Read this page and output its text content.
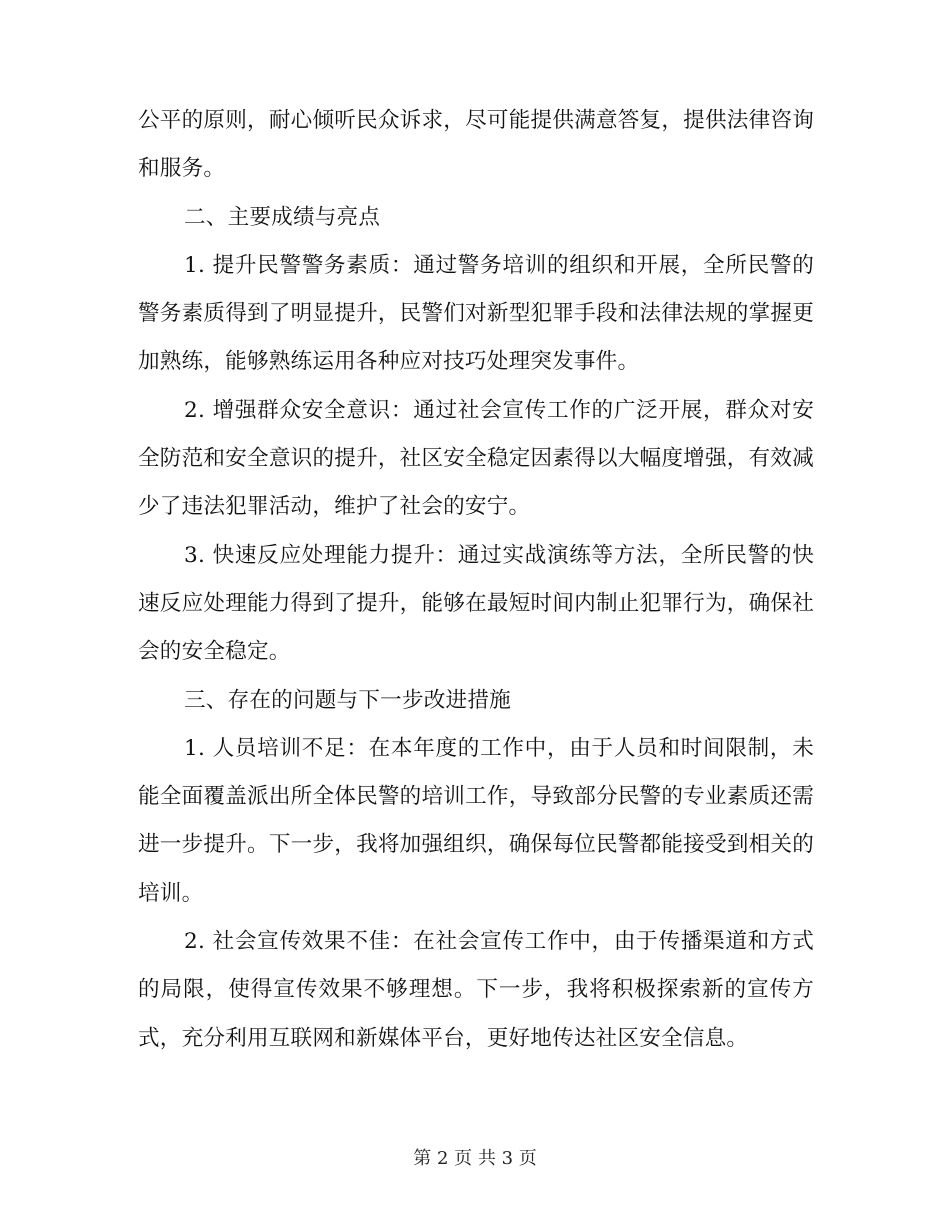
公平的原则，耐心倾听民众诉求，尽可能提供满意答复，提供法律咨询和服务。

二、主要成绩与亮点

1. 提升民警警务素质：通过警务培训的组织和开展，全所民警的警务素质得到了明显提升，民警们对新型犯罪手段和法律法规的掌握更加熟练，能够熟练运用各种应对技巧处理突发事件。

2. 增强群众安全意识：通过社会宣传工作的广泛开展，群众对安全防范和安全意识的提升，社区安全稳定因素得以大幅度增强，有效减少了违法犯罪活动，维护了社会的安宁。

3. 快速反应处理能力提升：通过实战演练等方法，全所民警的快速反应处理能力得到了提升，能够在最短时间内制止犯罪行为，确保社会的安全稳定。

三、存在的问题与下一步改进措施

1. 人员培训不足：在本年度的工作中，由于人员和时间限制，未能全面覆盖派出所全体民警的培训工作，导致部分民警的专业素质还需进一步提升。下一步，我将加强组织，确保每位民警都能接受到相关的培训。

2. 社会宣传效果不佳：在社会宣传工作中，由于传播渠道和方式的局限，使得宣传效果不够理想。下一步，我将积极探索新的宣传方式，充分利用互联网和新媒体平台，更好地传达社区安全信息。

第 2 页 共 3 页
